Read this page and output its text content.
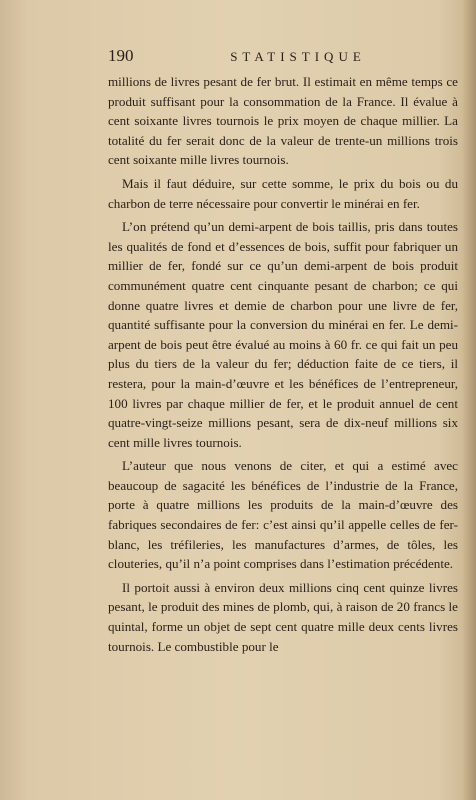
190	STATISTIQUE

millions de livres pesant de fer brut. Il estimait en même temps ce produit suffisant pour la consommation de la France. Il évalue à cent soixante livres tournois le prix moyen de chaque millier. La totalité du fer serait donc de la valeur de trente-un millions trois cent soixante mille livres tournois.

Mais il faut déduire, sur cette somme, le prix du bois ou du charbon de terre nécessaire pour convertir le minérai en fer.

L’on prétend qu’un demi-arpent de bois taillis, pris dans toutes les qualités de fond et d’essences de bois, suffit pour fabriquer un millier de fer, fondé sur ce qu’un demi-arpent de bois produit communément quatre cent cinquante pesant de charbon; ce qui donne quatre livres et demie de charbon pour une livre de fer, quantité suffisante pour la conversion du minérai en fer. Le demi-arpent de bois peut être évalué au moins à 60 fr. ce qui fait un peu plus du tiers de la valeur du fer; déduction faite de ce tiers, il restera, pour la main-d’œuvre et les bénéfices de l’entrepreneur, 100 livres par chaque millier de fer, et le produit annuel de cent quatre-vingt-seize millions pesant, sera de dix-neuf millions six cent mille livres tournois.

L’auteur que nous venons de citer, et qui a estimé avec beaucoup de sagacité les bénéfices de l’industrie de la France, porte à quatre millions les produits de la main-d’œuvre des fabriques secondaires de fer: c’est ainsi qu’il appelle celles de fer-blanc, les tréfileries, les manufactures d’armes, de tôles, les clouteries, qu’il n’a point comprises dans l’estimation précédente.

Il portoit aussi à environ deux millions cinq cent quinze livres pesant, le produit des mines de plomb, qui, à raison de 20 francs le quintal, forme un objet de sept cent quatre mille deux cents livres tournois. Le combustible pour le
